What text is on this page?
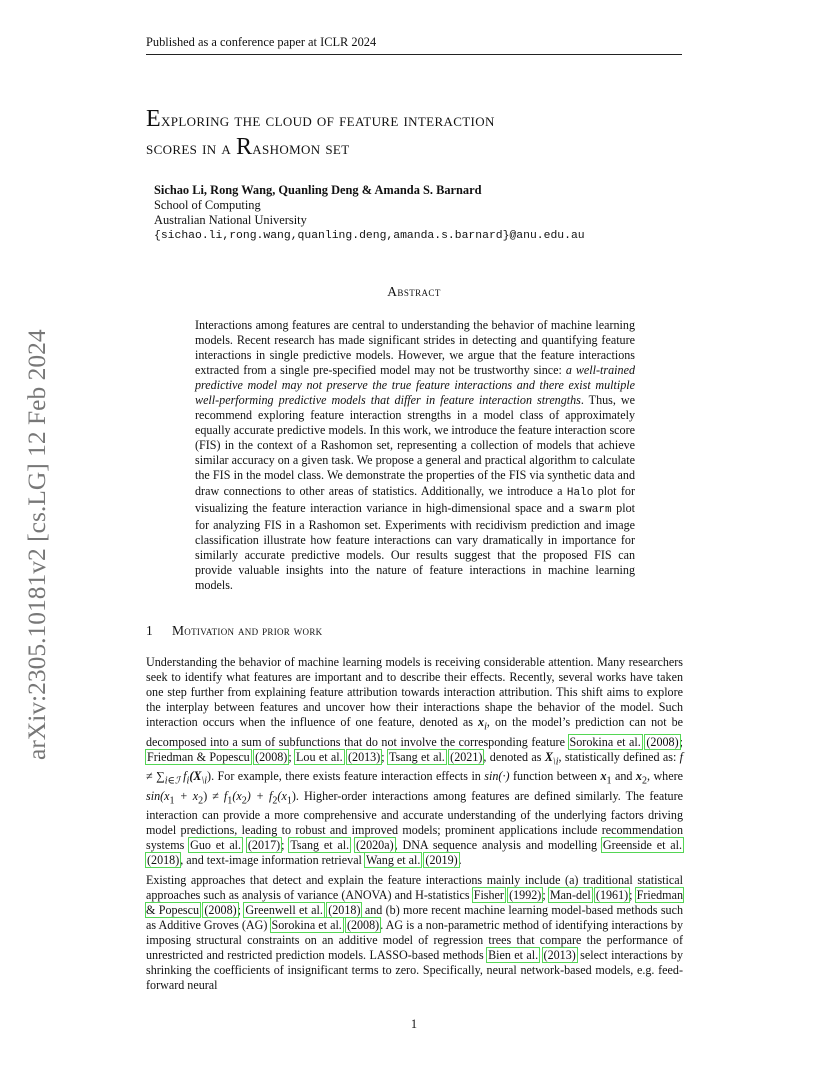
Published as a conference paper at ICLR 2024
arXiv:2305.10181v2 [cs.LG] 12 Feb 2024
Exploring the cloud of feature interaction
scores in a Rashomon set
Sichao Li, Rong Wang, Quanling Deng & Amanda S. Barnard
School of Computing
Australian National University
{sichao.li,rong.wang,quanling.deng,amanda.s.barnard}@anu.edu.au
Abstract
Interactions among features are central to understanding the behavior of machine learning models. Recent research has made significant strides in detecting and quantifying feature interactions in single predictive models. However, we argue that the feature interactions extracted from a single pre-specified model may not be trustworthy since: a well-trained predictive model may not preserve the true feature interactions and there exist multiple well-performing predictive models that differ in feature interaction strengths. Thus, we recommend exploring feature interaction strengths in a model class of approximately equally accurate predictive models. In this work, we introduce the feature interaction score (FIS) in the context of a Rashomon set, representing a collection of models that achieve similar accuracy on a given task. We propose a general and practical algorithm to calculate the FIS in the model class. We demonstrate the properties of the FIS via synthetic data and draw connections to other areas of statistics. Additionally, we introduce a Halo plot for visualizing the feature interaction variance in high-dimensional space and a swarm plot for analyzing FIS in a Rashomon set. Experiments with recidivism prediction and image classification illustrate how feature interactions can vary dramatically in importance for similarly accurate predictive models. Our results suggest that the proposed FIS can provide valuable insights into the nature of feature interactions in machine learning models.
1 Motivation and prior work
Understanding the behavior of machine learning models is receiving considerable attention. Many researchers seek to identify what features are important and to describe their effects. Recently, several works have taken one step further from explaining feature attribution towards interaction attribution. This shift aims to explore the interplay between features and uncover how their interactions shape the behavior of the model. Such interaction occurs when the influence of one feature, denoted as $x_i$, on the model’s prediction can not be decomposed into a sum of subfunctions that do not involve the corresponding feature Sorokina et al. (2008); Friedman & Popescu (2008); Lou et al. (2013); Tsang et al. (2021), denoted as $X_{\backslash i}$, statistically defined as: $f \ne \sum_{i\in ℐ}$ $f_i(X_{\backslash i})$. For example, there exists feature interaction effects in sin(·) function between $x_1$ and $x_2$, where $\sin(x_1 + x_2) \ne f_1(x_2) + f_2(x_1)$. Higher-order interactions among features are defined similarly. The feature interaction can provide a more comprehensive and accurate understanding of the underlying factors driving model predictions, leading to robust and improved models; prominent applications include recommendation systems Guo et al. (2017); Tsang et al. (2020a), DNA sequence analysis and modelling Greenside et al. (2018), and text-image information retrieval Wang et al. (2019).
Existing approaches that detect and explain the feature interactions mainly include (a) traditional statistical approaches such as analysis of variance (ANOVA) and H-statistics Fisher (1992); Man-del (1961); Friedman & Popescu (2008); Greenwell et al. (2018) and (b) more recent machine learning model-based methods such as Additive Groves (AG) Sorokina et al. (2008). AG is a non-parametric method of identifying interactions by imposing structural constraints on an additive model of regression trees that compare the performance of unrestricted and restricted prediction models. LASSO-based methods Bien et al. (2013) select interactions by shrinking the coefficients of insignificant terms to zero. Specifically, neural network-based models, e.g. feed-forward neural
1
